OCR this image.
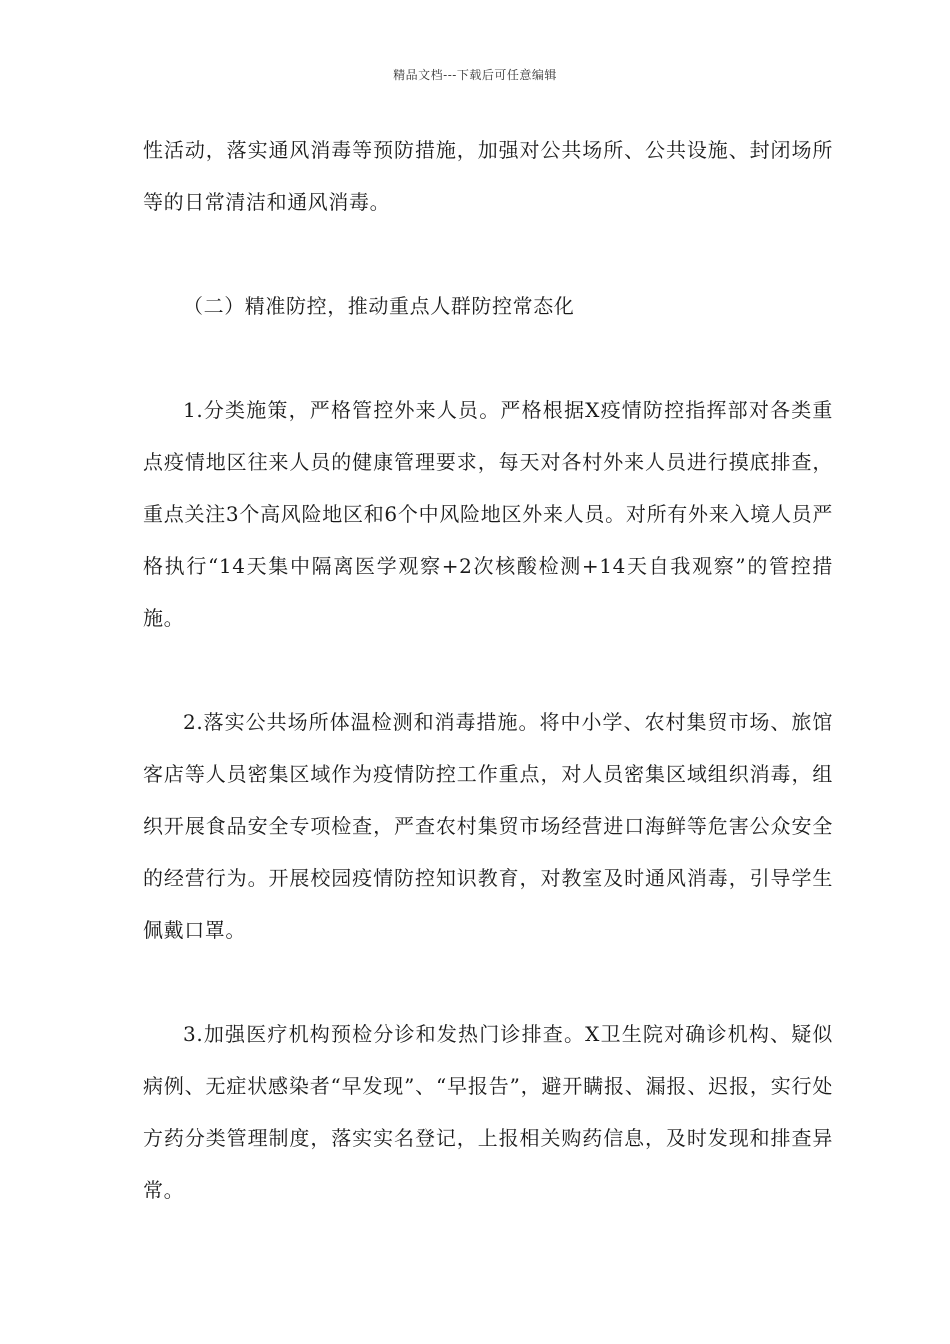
精品文档---下载后可任意编辑

性活动，落实通风消毒等预防措施，加强对公共场所、公共设施、封闭场所等的日常清洁和通风消毒。

（二）精准防控，推动重点人群防控常态化

1.分类施策，严格管控外来人员。严格根据X疫情防控指挥部对各类重点疫情地区往来人员的健康管理要求，每天对各村外来人员进行摸底排查，重点关注3个高风险地区和6个中风险地区外来人员。对所有外来入境人员严格执行“14天集中隔离医学观察+2次核酸检测+14天自我观察”的管控措施。

2.落实公共场所体温检测和消毒措施。将中小学、农村集贸市场、旅馆客店等人员密集区域作为疫情防控工作重点，对人员密集区域组织消毒，组织开展食品安全专项检查，严查农村集贸市场经营进口海鲜等危害公众安全的经营行为。开展校园疫情防控知识教育，对教室及时通风消毒，引导学生佩戴口罩。

3.加强医疗机构预检分诊和发热门诊排查。X卫生院对确诊机构、疑似病例、无症状感染者“早发现”、“早报告”，避开瞒报、漏报、迟报，实行处方药分类管理制度，落实实名登记，上报相关购药信息，及时发现和排查异常。
